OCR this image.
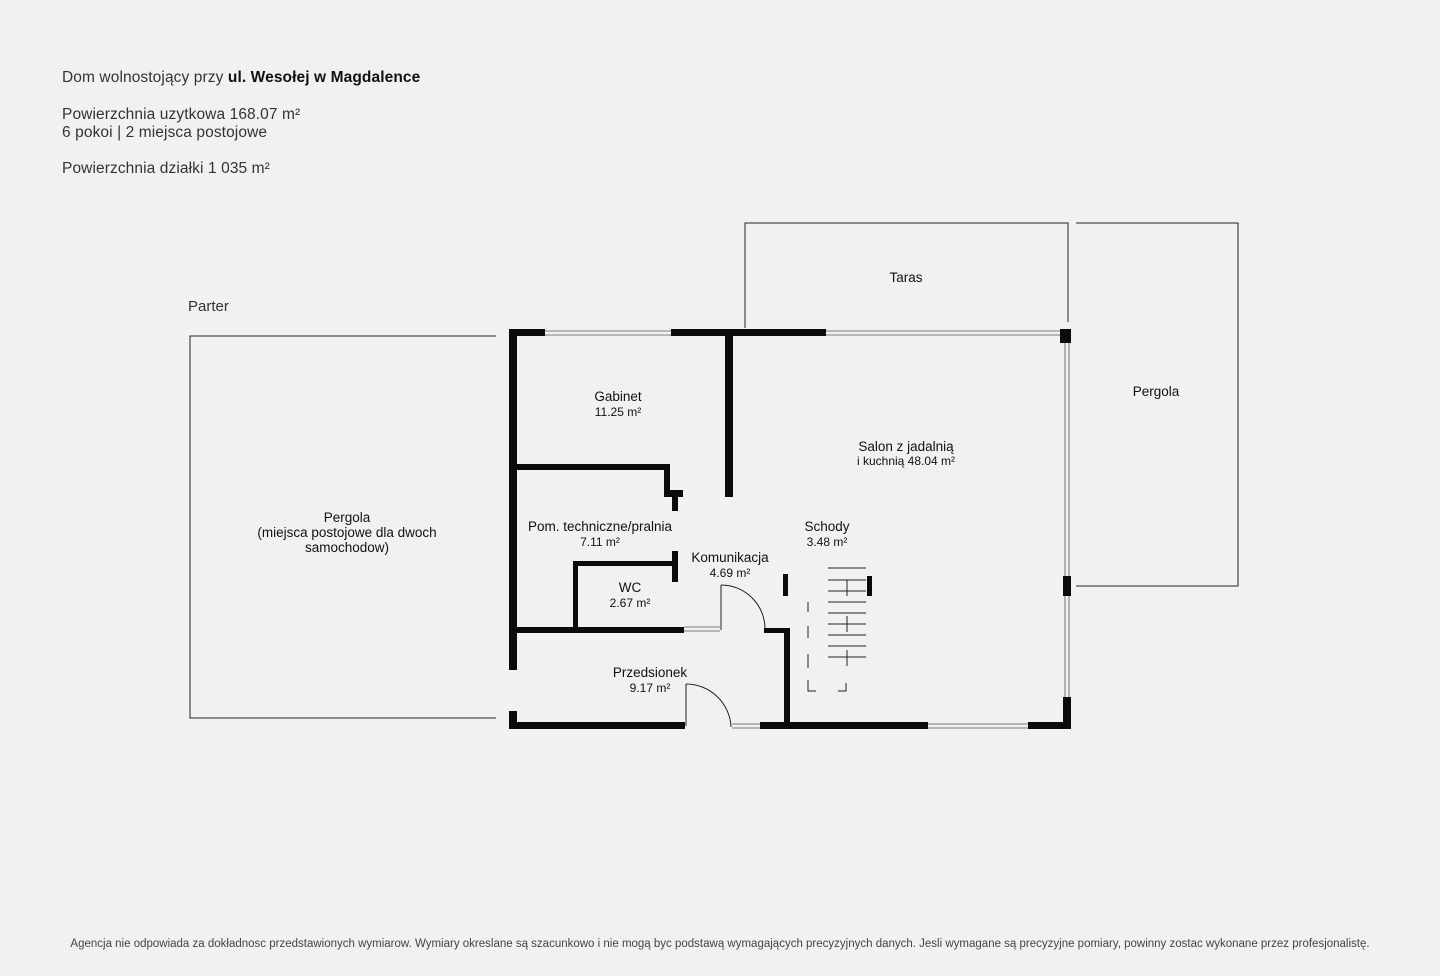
Dom wolnostojący przy ul. Wesołej w Magdalence
Powierzchnia uzytkowa 168.07 m²
6 pokoi | 2 miejsca postojowe
Powierzchnia działki 1 035 m²
Parter
Taras
Pergola
Pergola
(miejsca postojowe dla dwoch
samochodow)
Gabinet
11.25 m²
Salon z jadalnią
i kuchnią 48.04 m²
Pom. techniczne/pralnia
7.11 m²
Schody
3.48 m²
Komunikacja
4.69 m²
WC
2.67 m²
Przedsionek
9.17 m²
Agencja nie odpowiada za dokładnosc przedstawionych wymiarow. Wymiary okreslane są szacunkowo i nie mogą byc podstawą wymagających precyzyjnych danych. Jesli wymagane są precyzyjne pomiary, powinny zostac wykonane przez profesjonalistę.
